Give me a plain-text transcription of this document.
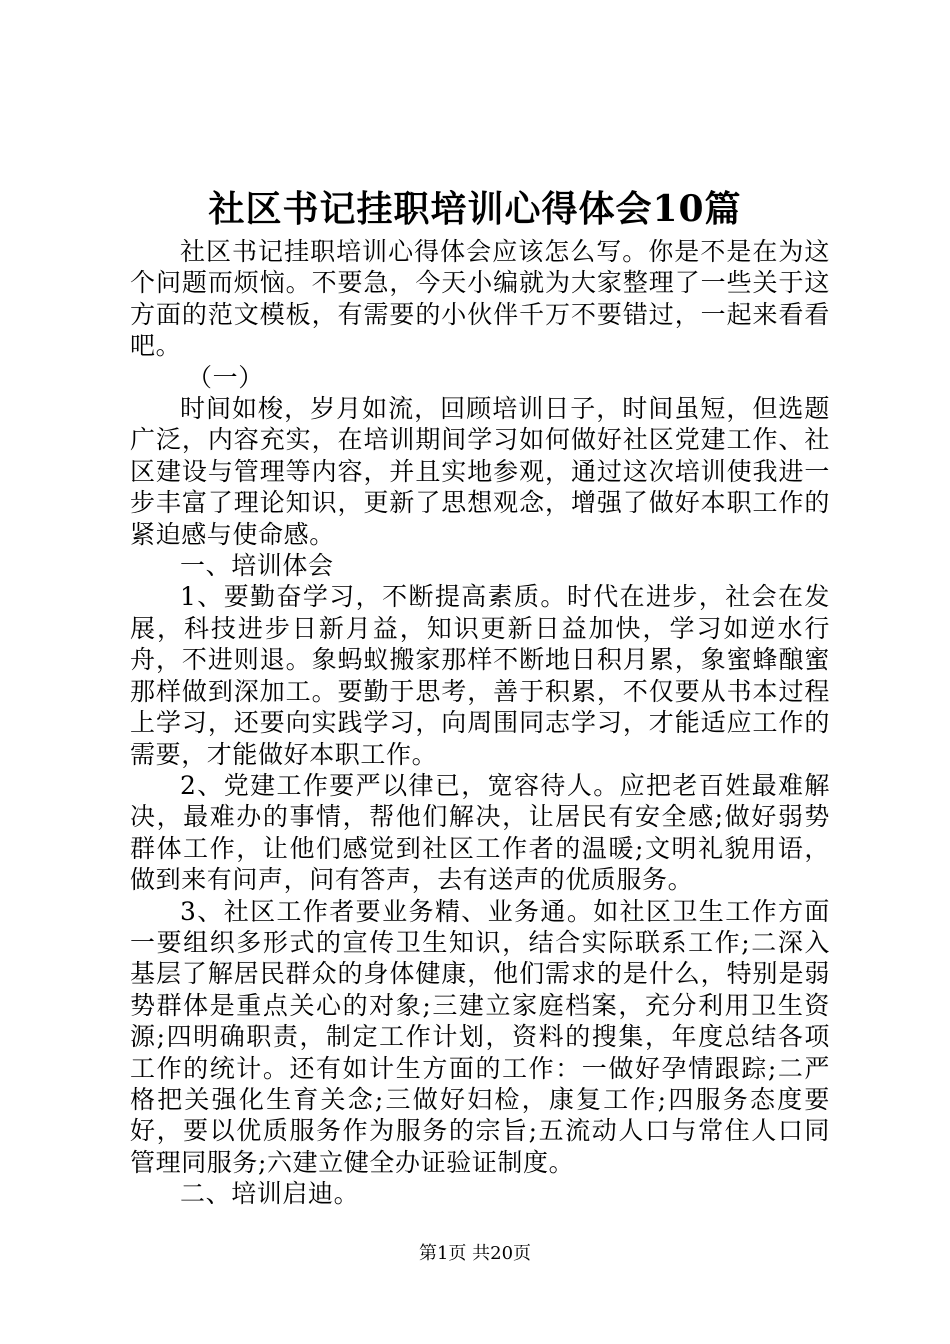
社区书记挂职培训心得体会10篇

社区书记挂职培训心得体会应该怎么写。你是不是在为这个问题而烦恼。不要急，今天小编就为大家整理了一些关于这方面的范文模板，有需要的小伙伴千万不要错过，一起来看看吧。

（一）

时间如梭，岁月如流，回顾培训日子，时间虽短，但选题广泛，内容充实，在培训期间学习如何做好社区党建工作、社区建设与管理等内容，并且实地参观，通过这次培训使我进一步丰富了理论知识，更新了思想观念，增强了做好本职工作的紧迫感与使命感。

一、培训体会

1、要勤奋学习，不断提高素质。时代在进步，社会在发展，科技进步日新月益，知识更新日益加快，学习如逆水行舟，不进则退。象蚂蚁搬家那样不断地日积月累，象蜜蜂酿蜜那样做到深加工。要勤于思考，善于积累，不仅要从书本过程上学习，还要向实践学习，向周围同志学习，才能适应工作的需要，才能做好本职工作。

2、党建工作要严以律已，宽容待人。应把老百姓最难解决，最难办的事情，帮他们解决，让居民有安全感;做好弱势群体工作，让他们感觉到社区工作者的温暖;文明礼貌用语，做到来有问声，问有答声，去有送声的优质服务。

3、社区工作者要业务精、业务通。如社区卫生工作方面一要组织多形式的宣传卫生知识，结合实际联系工作;二深入基层了解居民群众的身体健康，他们需求的是什么，特别是弱势群体是重点关心的对象;三建立家庭档案，充分利用卫生资源;四明确职责，制定工作计划，资料的搜集，年度总结各项工作的统计。还有如计生方面的工作：一做好孕情跟踪;二严格把关强化生育关念;三做好妇检，康复工作;四服务态度要好，要以优质服务作为服务的宗旨;五流动人口与常住人口同管理同服务;六建立健全办证验证制度。

二、培训启迪。

第1页 共20页
